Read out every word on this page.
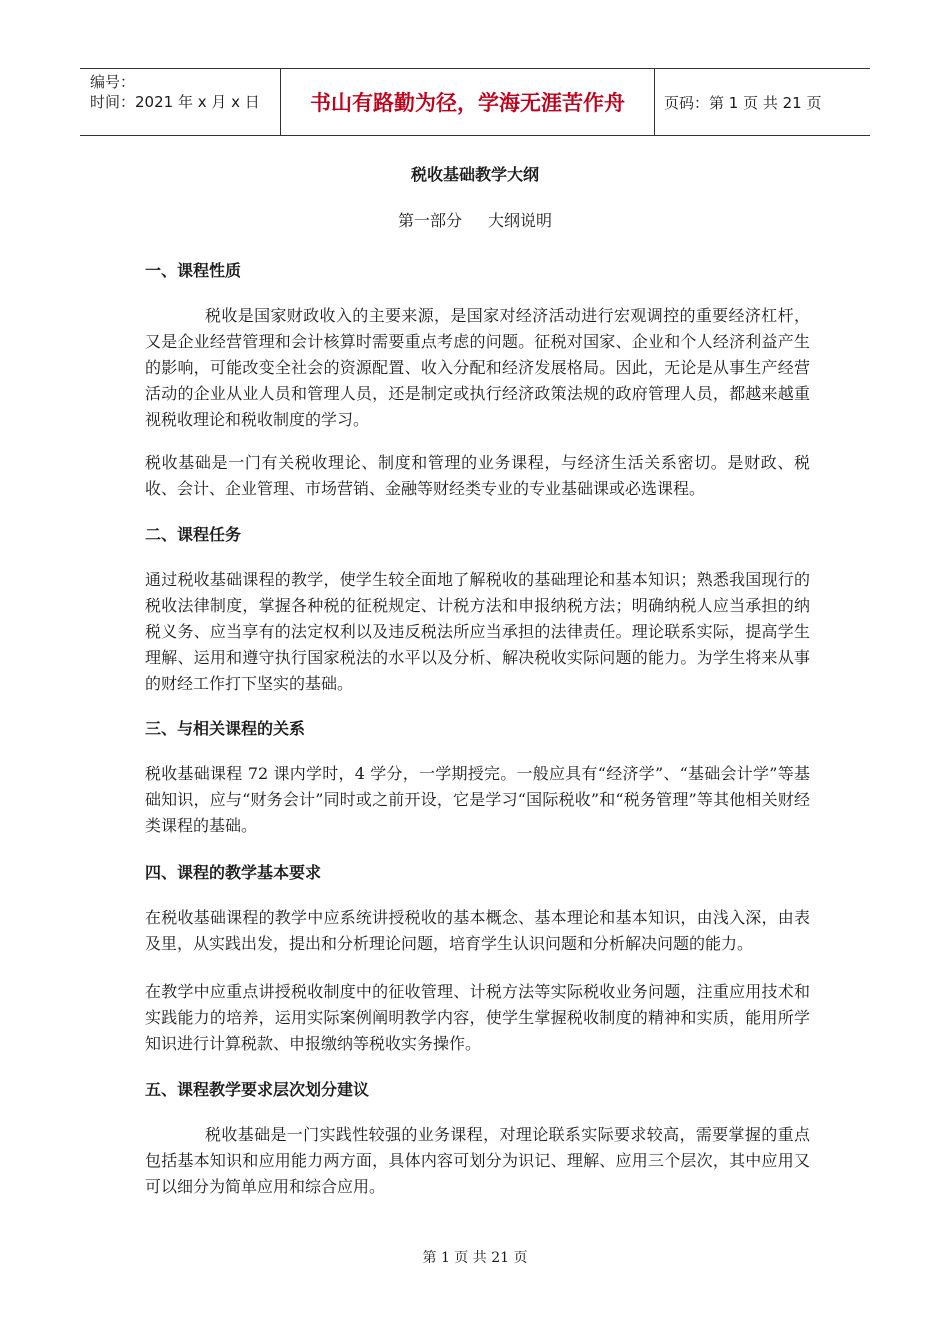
编号：
时间：2021 年 x 月 x 日	书山有路勤为径，学海无涯苦作舟	页码：第 1 页 共 21 页
税收基础教学大纲
第一部分 大纲说明
一、课程性质
税收是国家财政收入的主要来源，是国家对经济活动进行宏观调控的重要经济杠杆，又是企业经营管理和会计核算时需要重点考虑的问题。征税对国家、企业和个人经济利益产生的影响，可能改变全社会的资源配置、收入分配和经济发展格局。因此，无论是从事生产经营活动的企业从业人员和管理人员，还是制定或执行经济政策法规的政府管理人员，都越来越重视税收理论和税收制度的学习。
税收基础是一门有关税收理论、制度和管理的业务课程，与经济生活关系密切。是财政、税收、会计、企业管理、市场营销、金融等财经类专业的专业基础课或必选课程。
二、课程任务
通过税收基础课程的教学，使学生较全面地了解税收的基础理论和基本知识；熟悉我国现行的税收法律制度，掌握各种税的征税规定、计税方法和申报纳税方法；明确纳税人应当承担的纳税义务、应当享有的法定权利以及违反税法所应当承担的法律责任。理论联系实际，提高学生理解、运用和遵守执行国家税法的水平以及分析、解决税收实际问题的能力。为学生将来从事的财经工作打下坚实的基础。
三、与相关课程的关系
税收基础课程 72 课内学时，4 学分，一学期授完。一般应具有“经济学”、“基础会计学”等基础知识，应与“财务会计”同时或之前开设，它是学习“国际税收”和“税务管理”等其他相关财经类课程的基础。
四、课程的教学基本要求
在税收基础课程的教学中应系统讲授税收的基本概念、基本理论和基本知识，由浅入深，由表及里，从实践出发，提出和分析理论问题，培育学生认识问题和分析解决问题的能力。
在教学中应重点讲授税收制度中的征收管理、计税方法等实际税收业务问题，注重应用技术和实践能力的培养，运用实际案例阐明教学内容，使学生掌握税收制度的精神和实质，能用所学知识进行计算税款、申报缴纳等税收实务操作。
五、课程教学要求层次划分建议
税收基础是一门实践性较强的业务课程，对理论联系实际要求较高，需要掌握的重点包括基本知识和应用能力两方面，具体内容可划分为识记、理解、应用三个层次，其中应用又可以细分为简单应用和综合应用。
第 1 页 共 21 页
